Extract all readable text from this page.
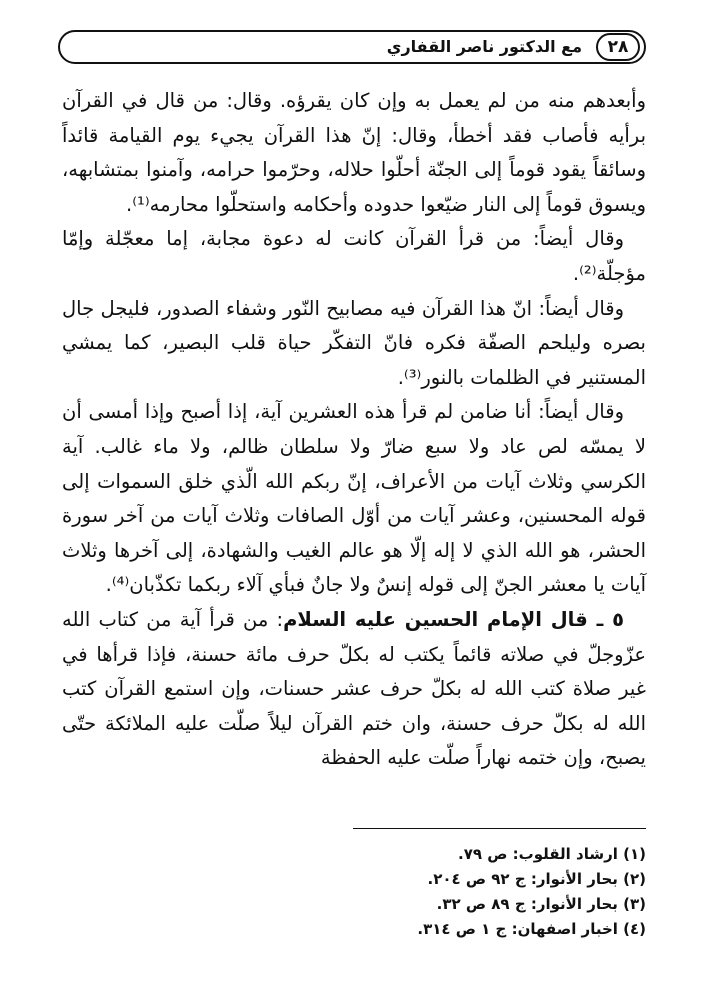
٢٨
مع الدكتور ناصر القفاري

وأبعدهم منه من لم يعمل به وإن كان يقرؤه. وقال: من قال في القرآن برأيه فأصاب فقد أخطأ، وقال: إنّ هذا القرآن يجيء يوم القيامة قائداً وسائقاً يقود قوماً إلى الجنّة أحلّوا حلاله، وحرّموا حرامه، وآمنوا بمتشابهه، ويسوق قوماً إلى النار ضيّعوا حدوده وأحكامه واستحلّوا محارمه⁽¹⁾.

وقال أيضاً: من قرأ القرآن كانت له دعوة مجابة، إما معجّلة وإمّا مؤجلّة⁽²⁾.

وقال أيضاً: انّ هذا القرآن فيه مصابيح النّور وشفاء الصدور، فليجل جال بصره وليلحم الصفّة فكره فانّ التفكّر حياة قلب البصير، كما يمشي المستنير في الظلمات بالنور⁽³⁾.

وقال أيضاً: أنا ضامن لم قرأ هذه العشرين آية، إذا أصبح وإذا أمسى أن لا يمسّه لص عاد ولا سبع ضارّ ولا سلطان ظالم، ولا ماء غالب. آية الكرسي وثلاث آيات من الأعراف، إنّ ربكم الله الّذي خلق السموات إلى قوله المحسنين، وعشر آيات من أوّل الصافات وثلاث آيات من آخر سورة الحشر، هو الله الذي لا إله إلّا هو عالم الغيب والشهادة، إلى آخرها وثلاث آيات يا معشر الجنّ إلى قوله إنسٌ ولا جانٌ فبأي آلاء ربكما تكذّبان⁽⁴⁾.

٥ ـ قال الإمام الحسين عليه السلام: من قرأ آية من كتاب الله عزّوجلّ في صلاته قائماً يكتب له بكلّ حرف مائة حسنة، فإذا قرأها في غير صلاة كتب الله له بكلّ حرف عشر حسنات، وإن استمع القرآن كتب الله له بكلّ حرف حسنة، وان ختم القرآن ليلاً صلّت عليه الملائكة حتّى يصبح، وإن ختمه نهاراً صلّت عليه الحفظة

(١) ارشاد القلوب: ص ٧٩.

(٢) بحار الأنوار: ج ٩٢ ص ٢٠٤.

(٣) بحار الأنوار: ج ٨٩ ص ٣٢.

(٤) اخبار اصفهان: ج ١ ص ٣١٤.
